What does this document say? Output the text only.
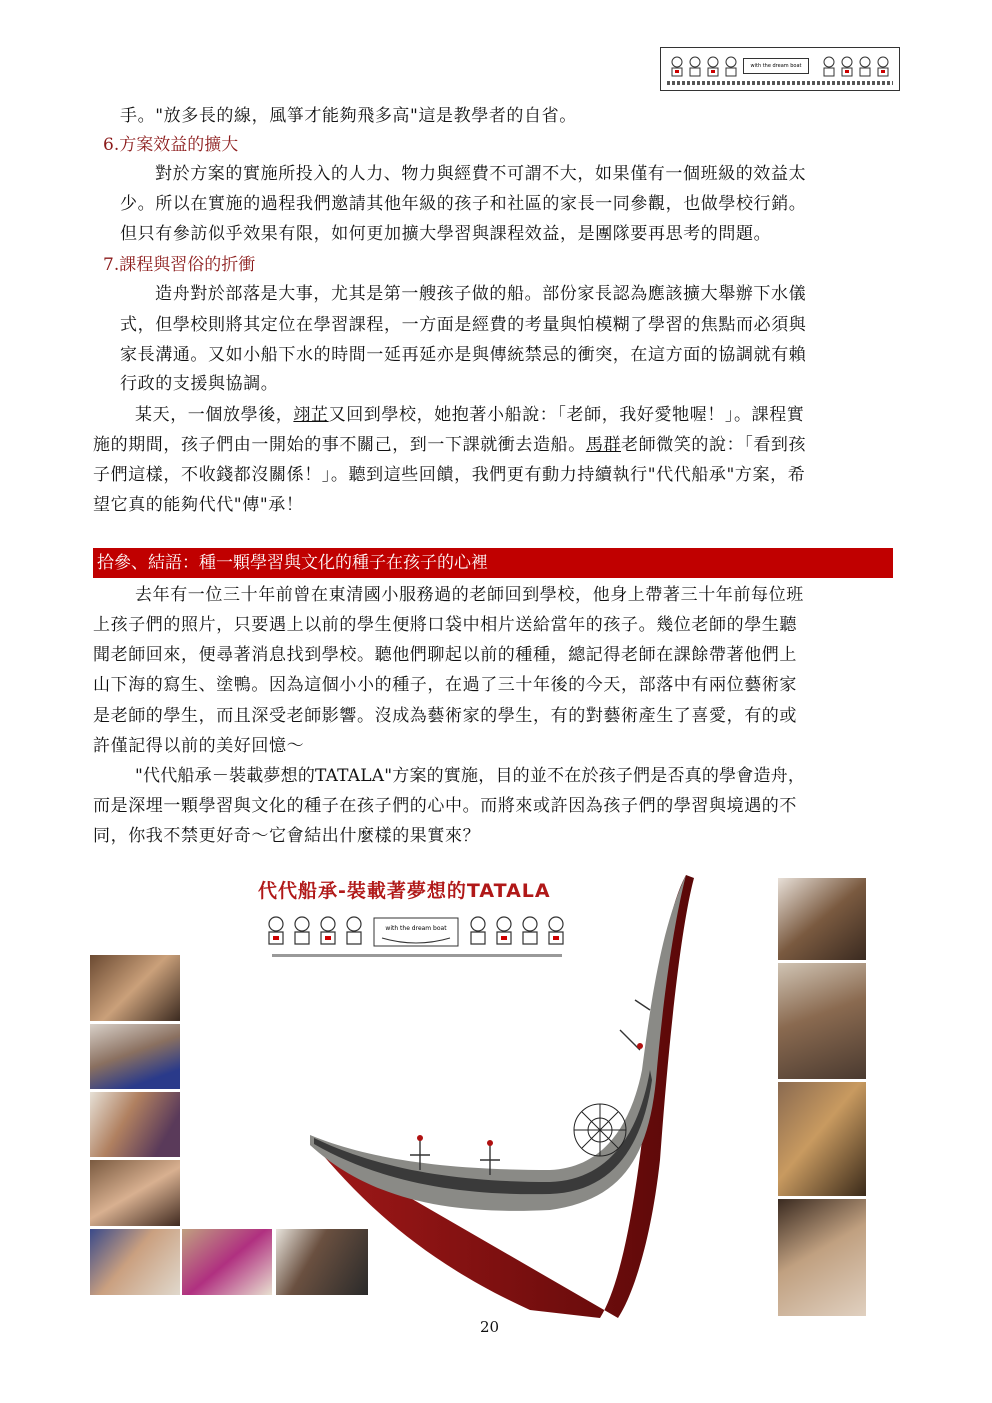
with the dream boat
手。"放多長的線，風箏才能夠飛多高"這是教學者的自省。
6.方案效益的擴大
對於方案的實施所投入的人力、物力與經費不可謂不大，如果僅有一個班級的效益太
少。所以在實施的過程我們邀請其他年級的孩子和社區的家長一同參觀，也做學校行銷。
但只有參訪似乎效果有限，如何更加擴大學習與課程效益，是團隊要再思考的問題。
7.課程與習俗的折衝
造舟對於部落是大事，尤其是第一艘孩子做的船。部份家長認為應該擴大舉辦下水儀
式，但學校則將其定位在學習課程，一方面是經費的考量與怕模糊了學習的焦點而必須與
家長溝通。又如小船下水的時間一延再延亦是與傳統禁忌的衝突，在這方面的協調就有賴
行政的支援與協調。
某天，一個放學後，翊芷又回到學校，她抱著小船說：「老師，我好愛牠喔！」。課程實
施的期間，孩子們由一開始的事不關己，到一下課就衝去造船。馬群老師微笑的說：「看到孩
子們這樣，不收錢都沒關係！」。聽到這些回饋，我們更有動力持續執行"代代船承"方案，希
望它真的能夠代代"傳"承！
拾參、結語：種一顆學習與文化的種子在孩子的心裡
去年有一位三十年前曾在東清國小服務過的老師回到學校，他身上帶著三十年前每位班
上孩子們的照片，只要遇上以前的學生便將口袋中相片送給當年的孩子。幾位老師的學生聽
聞老師回來，便尋著消息找到學校。聽他們聊起以前的種種，總記得老師在課餘帶著他們上
山下海的寫生、塗鴨。因為這個小小的種子，在過了三十年後的今天，部落中有兩位藝術家
是老師的學生，而且深受老師影響。沒成為藝術家的學生，有的對藝術產生了喜愛，有的或
許僅記得以前的美好回憶～
"代代船承－裝載夢想的TATALA"方案的實施，目的並不在於孩子們是否真的學會造舟，
而是深埋一顆學習與文化的種子在孩子們的心中。而將來或許因為孩子們的學習與境遇的不
同，你我不禁更好奇～它會結出什麼樣的果實來？
代代船承-裝載著夢想的TATALA
with the dream boat
20
